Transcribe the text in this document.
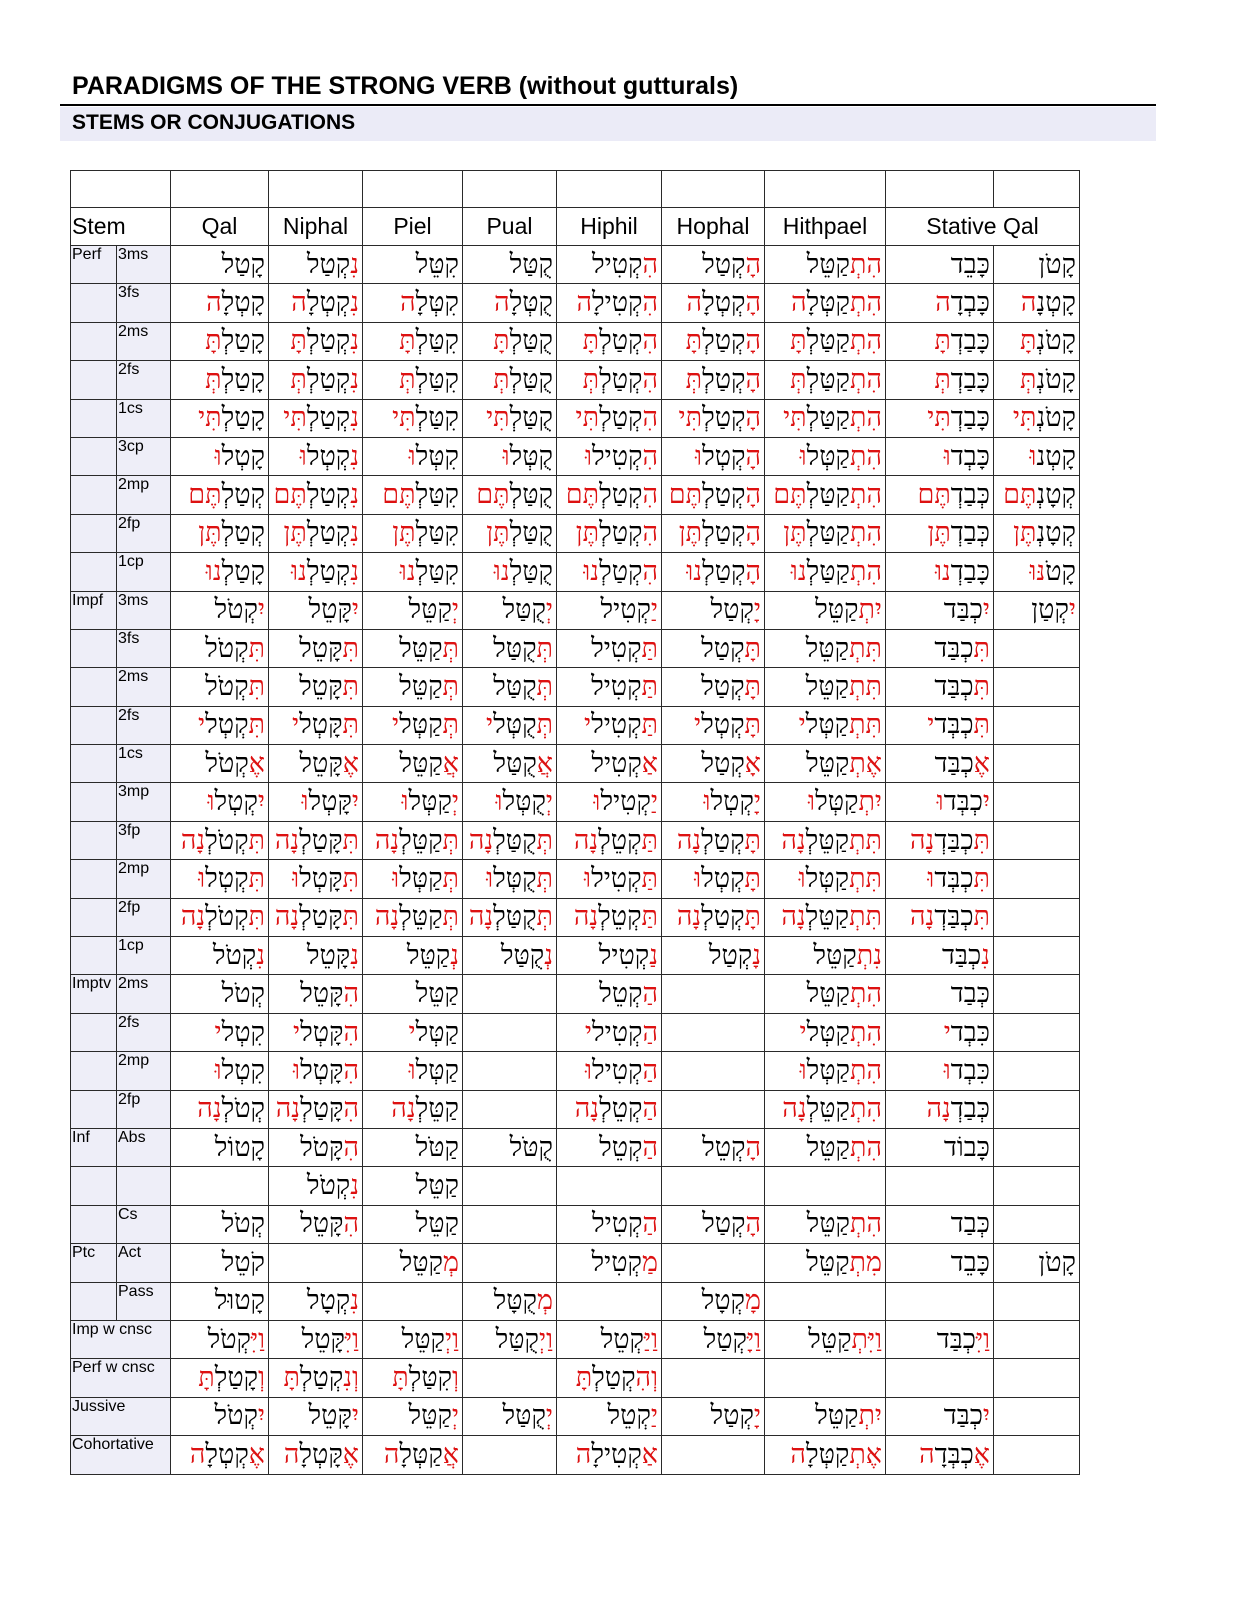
PARADIGMS OF THE STRONG VERB (without gutturals)
STEMS OR CONJUGATIONS

Stem		Qal	Niphal	Piel	Pual	Hiphil	Hophal	Hithpael	Stative Qal	
Perf	3ms	קָטַל	נִקְטַל	קִטֵּל	קֻטַּל	הִקְטִיל	הָקְטַל	הִתְקַטֵּל	כָּבֵד	קָטֹן
	3fs	קָטְלָה	נִקְטְלָה	קִטְּלָה	קֻטְּלָה	הִקְטִילָה	הָקְטְלָה	הִתְקַטְּלָה	כָּבְדָה	קָטְנָה
	2ms	קָטַלְתָּ	נִקְטַלְתָּ	קִטַּלְתָּ	קֻטַּלְתָּ	הִקְטַלְתָּ	הָקְטַלְתָּ	הִתְקַטַּלְתָּ	כָּבַדְתָּ	קָטֹנְתָּ
	2fs	קָטַלְתְּ	נִקְטַלְתְּ	קִטַּלְתְּ	קֻטַּלְתְּ	הִקְטַלְתְּ	הָקְטַלְתְּ	הִתְקַטַּלְתְּ	כָּבַדְתְּ	קָטֹנְתְּ
	1cs	קָטַלְתִּי	נִקְטַלְתִּי	קִטַּלְתִּי	קֻטַּלְתִּי	הִקְטַלְתִּי	הָקְטַלְתִּי	הִתְקַטַּלְתִּי	כָּבַדְתִּי	קָטֹנְתִּי
	3cp	קָטְלוּ	נִקְטְלוּ	קִטְּלוּ	קֻטְּלוּ	הִקְטִילוּ	הָקְטְלוּ	הִתְקַטְּלוּ	כָּבְדוּ	קָטְנוּ
	2mp	קְטַלְתֶּם	נִקְטַלְתֶּם	קִטַּלְתֶּם	קֻטַּלְתֶּם	הִקְטַלְתֶּם	הָקְטַלְתֶּם	הִתְקַטַּלְתֶּם	כְּבַדְתֶּם	קְטָנְתֶּם
	2fp	קְטַלְתֶּן	נִקְטַלְתֶּן	קִטַּלְתֶּן	קֻטַּלְתֶּן	הִקְטַלְתֶּן	הָקְטַלְתֶּן	הִתְקַטַּלְתֶּן	כְּבַדְתֶּן	קְטָנְתֶּן
	1cp	קָטַלְנוּ	נִקְטַלְנוּ	קִטַּלְנוּ	קֻטַּלְנוּ	הִקְטַלְנוּ	הָקְטַלְנוּ	הִתְקַטַּלְנוּ	כָּבַדְנוּ	קָטֹנּוּ
Impf	3ms	יִקְטֹל	יִקָּטֵל	יְקַטֵּל	יְקֻטַּל	יַקְטִיל	יָקְטַל	יִתְקַטֵּל	יִכְבַּד	יִקְטַן
	3fs	תִּקְטֹל	תִּקָּטֵל	תְּקַטֵּל	תְּקֻטַּל	תַּקְטִיל	תָּקְטַל	תִּתְקַטֵּל	תִּכְבַּד	
	2ms	תִּקְטֹל	תִּקָּטֵל	תְּקַטֵּל	תְּקֻטַּל	תַּקְטִיל	תָּקְטַל	תִּתְקַטֵּל	תִּכְבַּד	
	2fs	תִּקְטְלי	תִּקָּטְלי	תְּקַטְּלי	תְּקֻטְּלי	תַּקְטִילי	תָּקְטְלי	תִּתְקַטְּלי	תִּכְבְּדי	
	1cs	אֶקְטֹל	אֶקָּטֵל	אֲקַטֵּל	אֲקֻטַּל	אַקְטִיל	אָקְטַל	אֶתְקַטֵּל	אֶכְבַּד	
	3mp	יִקְטְלוּ	יִקָּטְלוּ	יְקַטְּלוּ	יְקֻטְּלוּ	יַקְטִילוּ	יָקְטְלוּ	יִתְקַטְּלוּ	יִכְבְּדוּ	
	3fp	תִּקְטֹלְנָה	תִּקָּטַלְנָה	תְּקַטֵּלְנָה	תְּקֻטַּלְנָה	תַּקְטֵלְנָה	תָּקְטַלְנָה	תִּתְקַטֵּלְנָה	תִּכְבַּדְנָה	
	2mp	תִּקְטְלוּ	תִּקָּטְלוּ	תְּקַטְּלוּ	תְּקֻטְּלוּ	תַּקְטִילוּ	תָּקְטְלוּ	תִּתְקַטְּלוּ	תִּכְבְּדוּ	
	2fp	תִּקְטֹלְנָה	תִּקָּטַלְנָה	תְּקַטֵּלְנָה	תְּקֻטַּלְנָה	תַּקְטֵלְנָה	תָּקְטַלְנָה	תִּתְקַטֵּלְנָה	תִּכְבַּדְנָה	
	1cp	נִקְטֹל	נִקָּטֵל	נְקַטֵּל	נְקֻטַּל	נַקְטִיל	נָקְטַל	נִתְקַטֵּל	נִכְבַּד	
Imptv	2ms	קְטֹל	הִקָּטֵל	קַטֵּל		הַקְטֵל		הִתְקַטֵּל	כְּבַד	
	2fs	קִטְלי	הִקָּטְלי	קַטְּלי		הַקְטִילי		הִתְקַטְּלי	כִּבְדי	
	2mp	קִטְלוּ	הִקָּטְלוּ	קַטְּלוּ		הַקְטִילוּ		הִתְקַטְּלוּ	כִּבְדוּ	
	2fp	קְטֹלְנָה	הִקָּטַלְנָה	קַטֵּלְנָה		הַקְטֵלְנָה		הִתְקַטֵּלְנָה	כְּבַדְנָה	
Inf	Abs	קָטוֹל	הִקָּטֹל	קַטֹּל	קֻטֹּל	הַקְטֵל	הָקְטֵל	הִתְקַטֵּל	כָּבוֹד	
			נִקְטֹל	קַטֵּל						
	Cs	קְטֹל	הִקָּטֵל	קַטֵּל		הַקְטִיל	הָקְטַל	הִתְקַטֵּל	כְּבַד	
Ptc	Act	קֹטֵל		מְקַטֵּל		מַקְטִיל		מִתְקַטֵּל	כָּבֵד	קָטֹן
	Pass	קָטוּל	נִקְטָל		מְקֻטָּל		מָקְטָל			
Imp w cnsc		וַיִּקְטֹל	וַיִּקָּטֵל	וַיְקַטֵּל	וַיְקֻטַּל	וַיַּקְטֵל	וַיָּקְטַל	וַיִּתְקַטֵּל	וַיִּכְבַּד	
Perf w cnsc		וְקָטַלְתָּ	וְנִקְטַלְתָּ	וְקִטַּלְתָּ		וְהִקְטַלְתָּ				
Jussive		יִקְטֹל	יִקָּטֵל	יְקַטֵּל	יְקֻטַּל	יַקְטֵל	יָקְטַל	יִתְקַטֵּל	יִכְבַּד	
Cohortative		אֶקְטְלָה	אֶקָּטְלָה	אֲקַטְּלָה		אַקְטִילָה		אֶתְקַטְּלָה	אֶכְבְּדָה	
